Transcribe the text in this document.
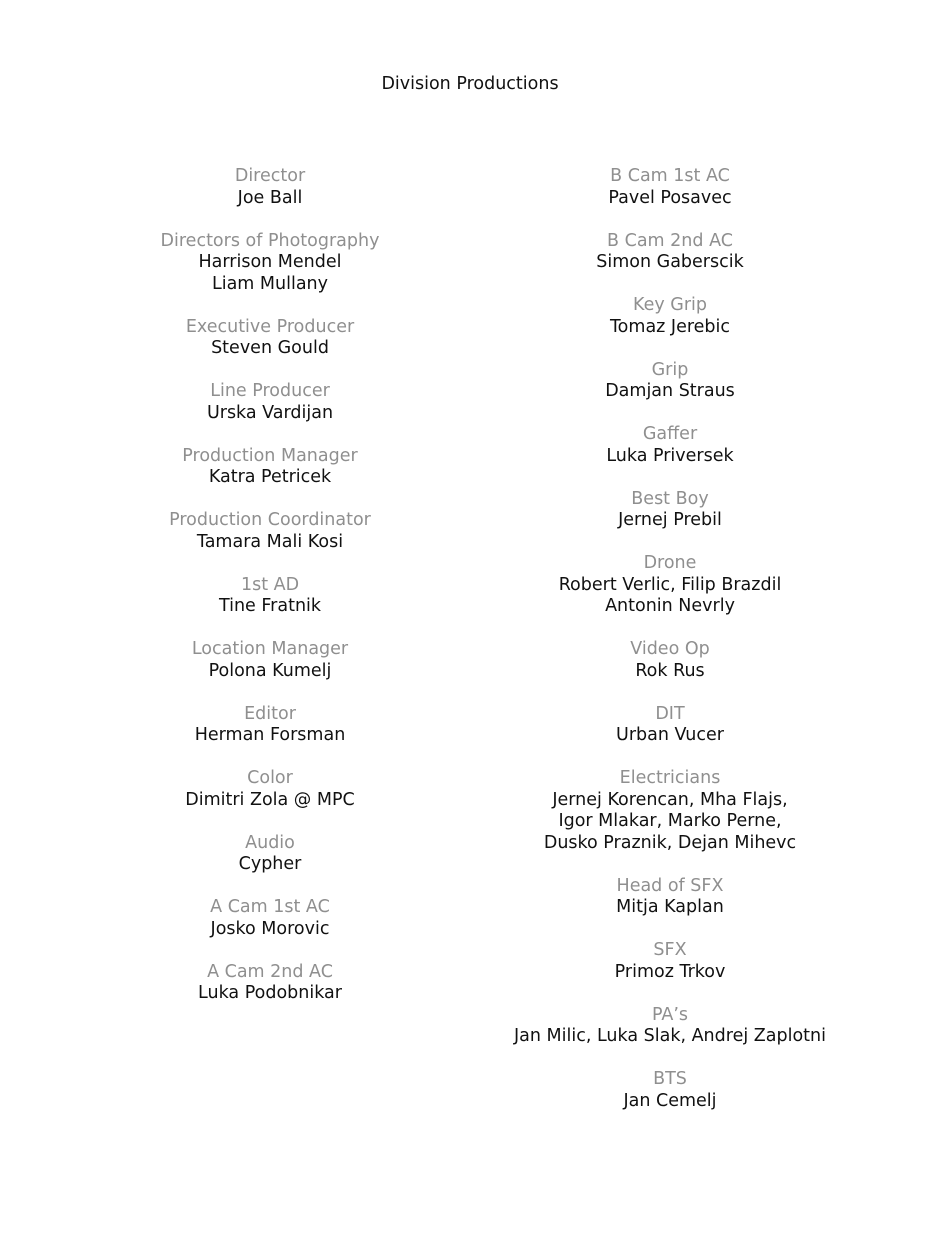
Division Productions
Director
Joe Ball
Directors of Photography
Harrison Mendel
Liam Mullany
Executive Producer
Steven Gould
Line Producer
Urska Vardijan
Production Manager
Katra Petricek
Production Coordinator
Tamara Mali Kosi
1st AD
Tine Fratnik
Location Manager
Polona Kumelj
Editor
Herman Forsman
Color
Dimitri Zola @ MPC
Audio
Cypher
A Cam 1st AC
Josko Morovic
A Cam 2nd AC
Luka Podobnikar
B Cam 1st AC
Pavel Posavec
B Cam 2nd AC
Simon Gaberscik
Key Grip
Tomaz Jerebic
Grip
Damjan Straus
Gaffer
Luka Priversek
Best Boy
Jernej Prebil
Drone
Robert Verlic, Filip Brazdil
Antonin Nevrly
Video Op
Rok Rus
DIT
Urban Vucer
Electricians
Jernej Korencan, Mha Flajs,
Igor Mlakar, Marko Perne,
Dusko Praznik, Dejan Mihevc
Head of SFX
Mitja Kaplan
SFX
Primoz Trkov
PA’s
Jan Milic, Luka Slak, Andrej Zaplotni
BTS
Jan Cemelj
